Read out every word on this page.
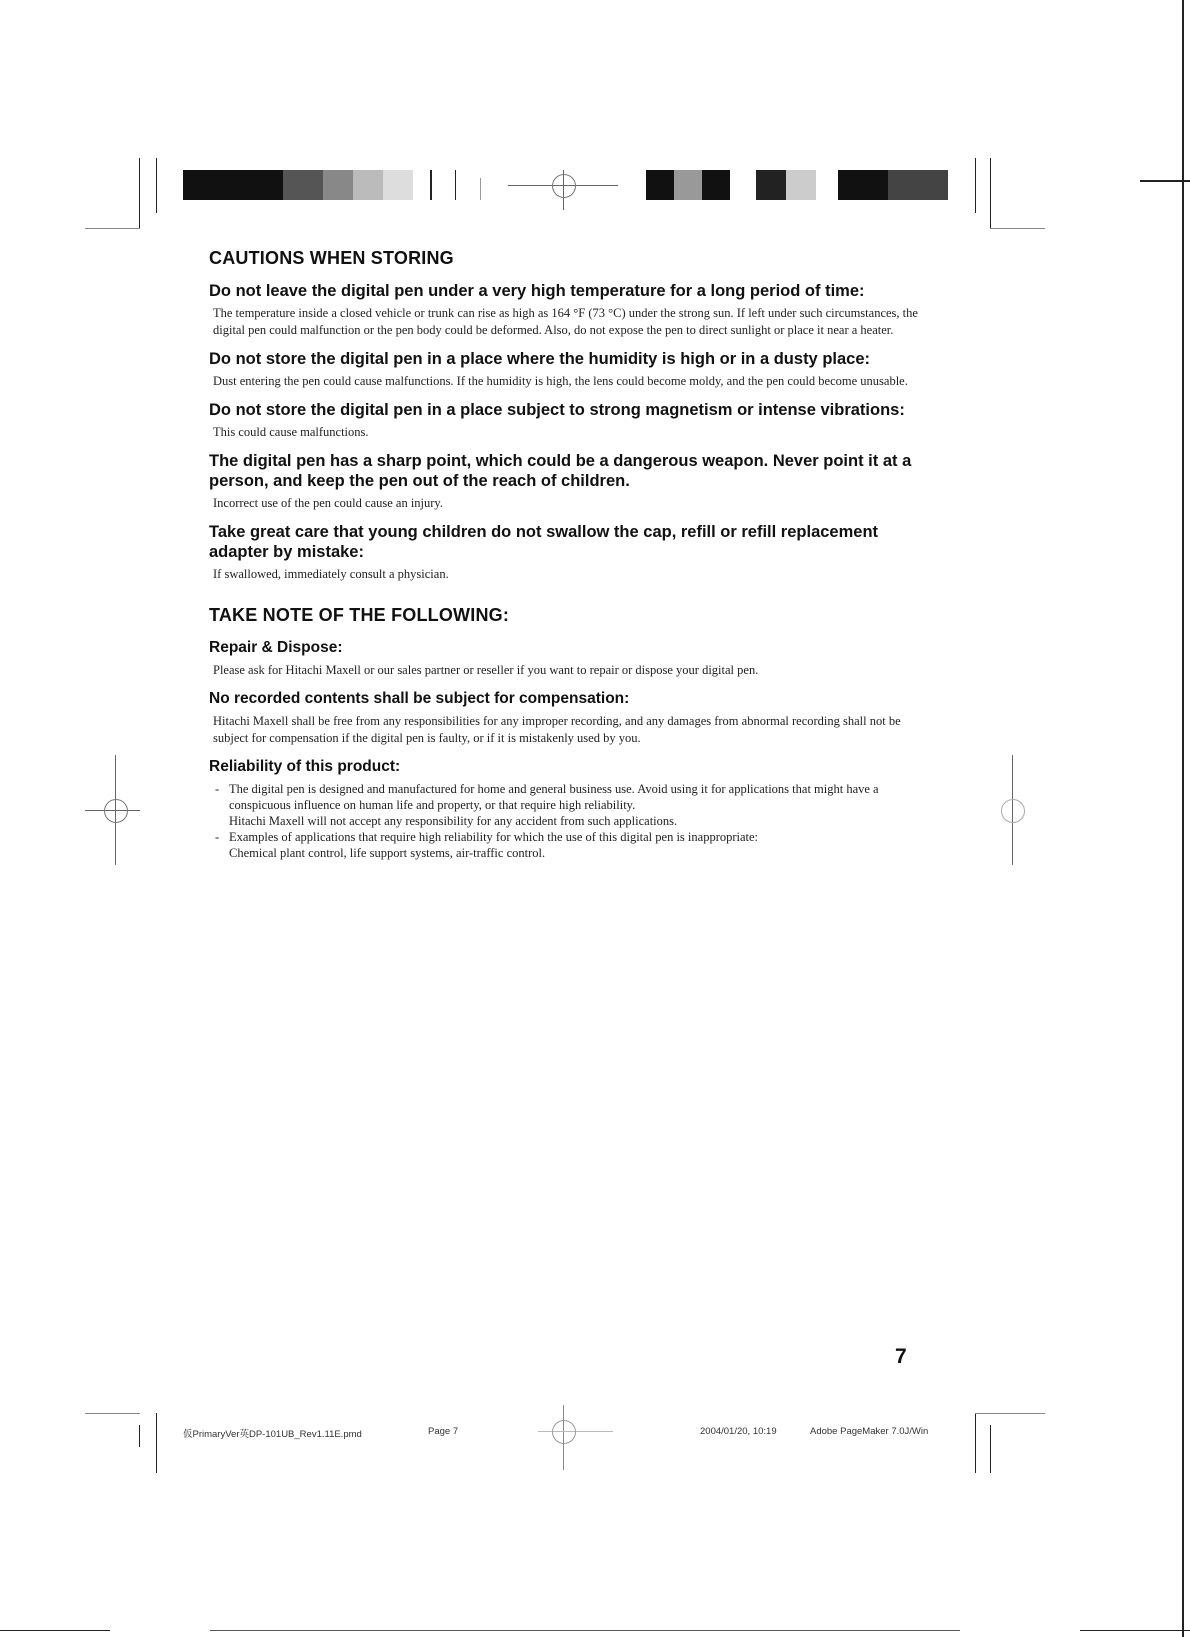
CAUTIONS WHEN STORING
Do not leave the digital pen under a very high temperature for a long period of time:
The temperature inside a closed vehicle or trunk can rise as high as 164 °F (73 °C) under the strong sun. If left under such circumstances, the digital pen could malfunction or the pen body could be deformed. Also, do not expose the pen to direct sunlight or place it near a heater.
Do not store the digital pen in a place where the humidity is high or in a dusty place:
Dust entering the pen could cause malfunctions. If the humidity is high, the lens could become moldy, and the pen could become unusable.
Do not store the digital pen in a place subject to strong magnetism or intense vibrations:
This could cause malfunctions.
The digital pen has a sharp point, which could be a dangerous weapon. Never point it at a person, and keep the pen out of the reach of children.
Incorrect use of the pen could cause an injury.
Take great care that young children do not swallow the cap, refill or refill replacement adapter by mistake:
If swallowed, immediately consult a physician.
TAKE NOTE OF THE FOLLOWING:
Repair & Dispose:
Please ask for Hitachi Maxell or our sales partner or reseller if you want to repair or dispose your digital pen.
No recorded contents shall be subject for compensation:
Hitachi Maxell shall be free from any responsibilities for any improper recording, and any damages from abnormal recording shall not be subject for compensation if the digital pen is faulty, or if it is mistakenly used by you.
Reliability of this product:
- The digital pen is designed and manufactured for home and general business use. Avoid using it for applications that might have a conspicuous influence on human life and property, or that require high reliability.
Hitachi Maxell will not accept any responsibility for any accident from such applications.
- Examples of applications that require high reliability for which the use of this digital pen is inappropriate:
Chemical plant control, life support systems, air-traffic control.
7
仮PrimaryVer英DP-101UB_Rev1.11E.pmd	Page 7	2004/01/20, 10:19	Adobe PageMaker 7.0J/Win
